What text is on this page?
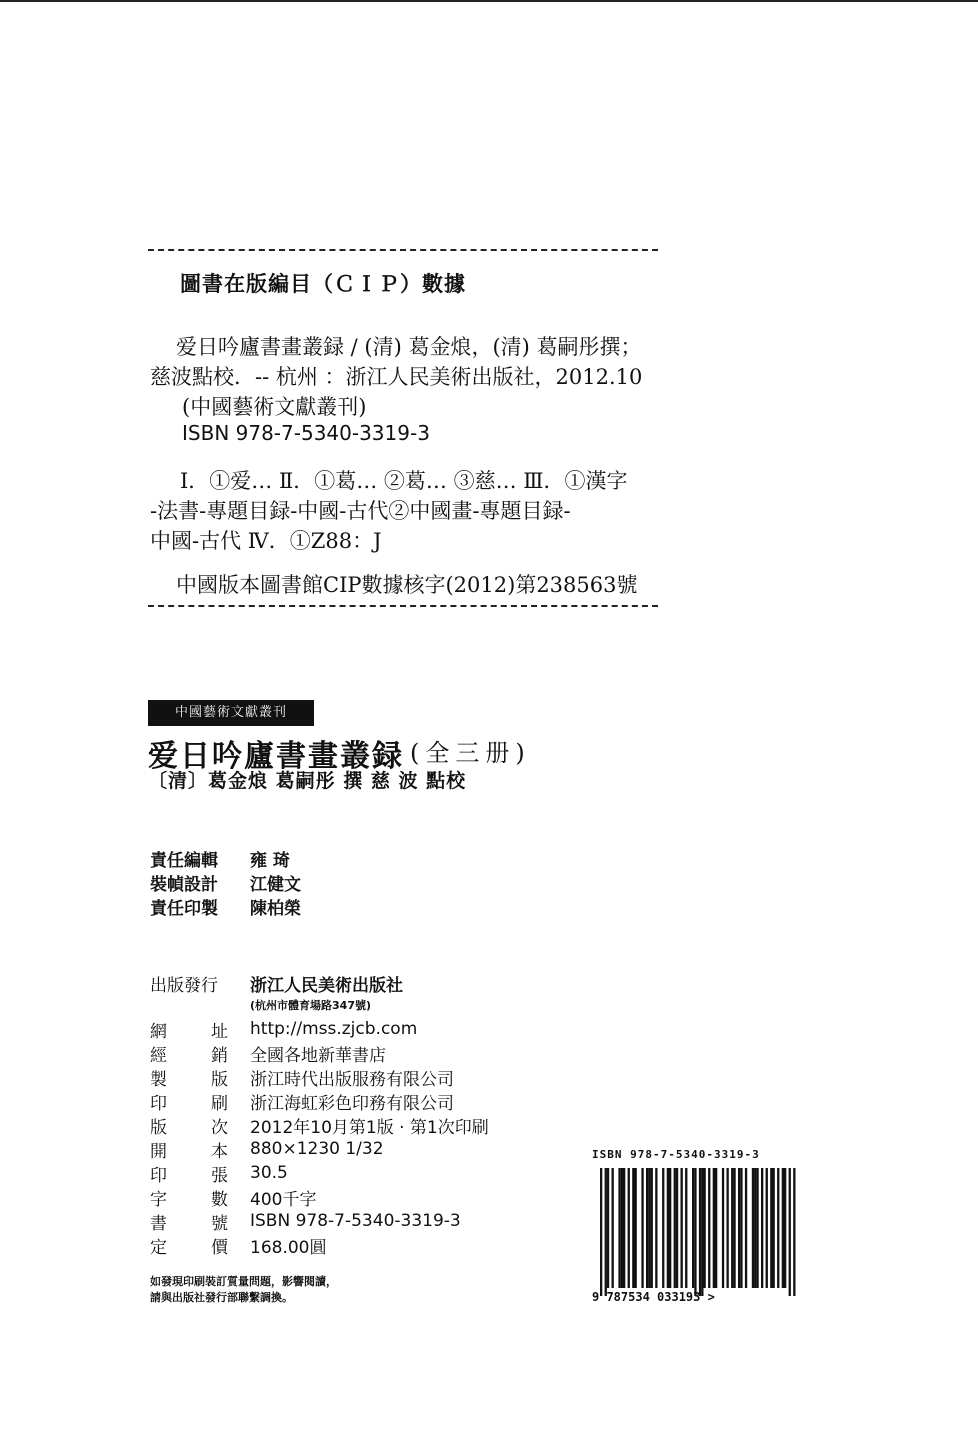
圖書在版編目（ＣＩＰ）數據
爱日吟廬書畫叢録 / (清) 葛金烺，(清) 葛嗣彤撰；
慈波點校．-- 杭州 ：浙江人民美術出版社，2012.10
(中國藝術文獻叢刊)
ISBN 978-7-5340-3319-3
Ⅰ．①爱… Ⅱ．①葛… ②葛… ③慈… Ⅲ．①漢字
-法書-專題目録-中國-古代②中國畫-專題目録-
中國-古代 Ⅳ．①Z88：J
中國版本圖書館CIP數據核字(2012)第238563號
中國藝術文獻叢刊
爱日吟廬書畫叢録 (全三册)
〔清〕葛金烺 葛嗣彤 撰 慈 波 點校
責任編輯	雍 琦
裝幀設計	江健文
責任印製	陳柏榮
出版發行	浙江人民美術出版社
(杭州市體育場路347號)
網	址 http://mss.zjcb.com
經	銷 全國各地新華書店
製	版 浙江時代出版服務有限公司
印	刷 浙江海虹彩色印務有限公司
版	次 2012年10月第1版 · 第1次印刷
開	本 880×1230 1/32
印	張 30.5
字	數 400千字
書	號 ISBN 978-7-5340-3319-3
定	價 168.00圓
如發現印刷裝訂質量問題，影響閱讀，
請與出版社發行部聯繫調換。
ISBN 978-7-5340-3319-3
9 787534 033193 >
